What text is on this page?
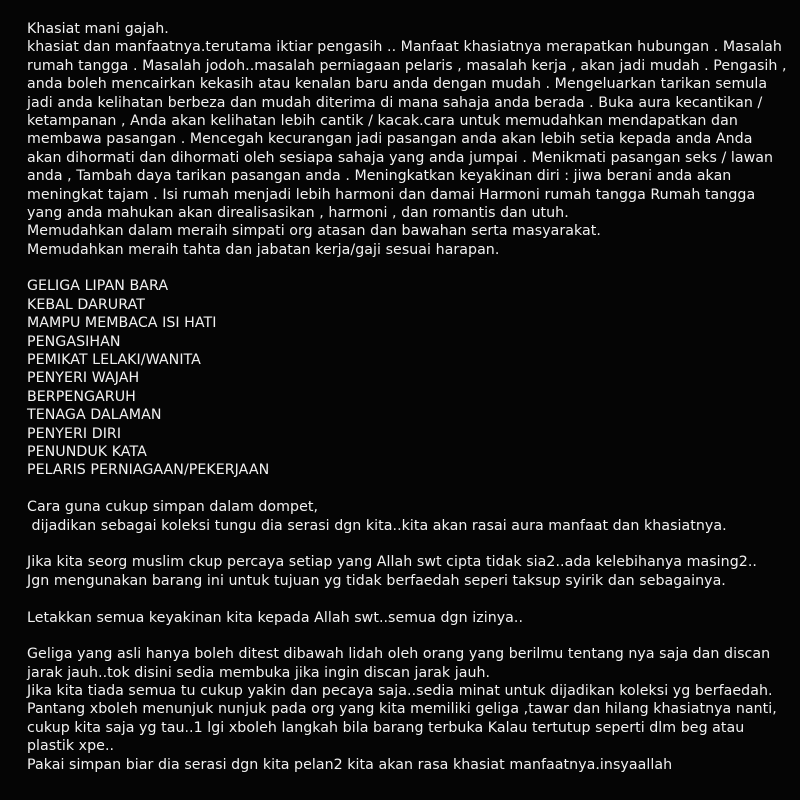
Khasiat mani gajah.
khasiat dan manfaatnya.terutama iktiar pengasih .. Manfaat khasiatnya merapatkan hubungan . Masalah
rumah tangga . Masalah jodoh..masalah perniagaan pelaris , masalah kerja , akan jadi mudah . Pengasih ,
anda boleh mencairkan kekasih atau kenalan baru anda dengan mudah . Mengeluarkan tarikan semula
jadi anda kelihatan berbeza dan mudah diterima di mana sahaja anda berada . Buka aura kecantikan /
ketampanan , Anda akan kelihatan lebih cantik / kacak.cara untuk memudahkan mendapatkan dan
membawa pasangan . Mencegah kecurangan jadi pasangan anda akan lebih setia kepada anda Anda
akan dihormati dan dihormati oleh sesiapa sahaja yang anda jumpai . Menikmati pasangan seks / lawan
anda , Tambah daya tarikan pasangan anda . Meningkatkan keyakinan diri : jiwa berani anda akan
meningkat tajam . Isi rumah menjadi lebih harmoni dan damai Harmoni rumah tangga Rumah tangga
yang anda mahukan akan direalisasikan , harmoni , dan romantis dan utuh.
Memudahkan dalam meraih simpati org atasan dan bawahan serta masyarakat.
Memudahkan meraih tahta dan jabatan kerja/gaji sesuai harapan.
GELIGA LIPAN BARA
KEBAL DARURAT
MAMPU MEMBACA ISI HATI
PENGASIHAN
PEMIKAT LELAKI/WANITA
PENYERI WAJAH
BERPENGARUH
TENAGA DALAMAN
PENYERI DIRI
PENUNDUK KATA
PELARIS PERNIAGAAN/PEKERJAAN
Cara guna cukup simpan dalam dompet,
dijadikan sebagai koleksi tungu dia serasi dgn kita..kita akan rasai aura manfaat dan khasiatnya.
Jika kita seorg muslim ckup percaya setiap yang Allah swt cipta tidak sia2..ada kelebihanya masing2..
Jgn mengunakan barang ini untuk tujuan yg tidak berfaedah seperi taksup syirik dan sebagainya.
Letakkan semua keyakinan kita kepada Allah swt..semua dgn izinya..
Geliga yang asli hanya boleh ditest dibawah lidah oleh orang yang berilmu tentang nya saja dan discan
jarak jauh..tok disini sedia membuka jika ingin discan jarak jauh.
Jika kita tiada semua tu cukup yakin dan pecaya saja..sedia minat untuk dijadikan koleksi yg berfaedah.
Pantang xboleh menunjuk nunjuk pada org yang kita memiliki geliga ,tawar dan hilang khasiatnya nanti,
cukup kita saja yg tau..1 lgi xboleh langkah bila barang terbuka Kalau tertutup seperti dlm beg atau
plastik xpe..
Pakai simpan biar dia serasi dgn kita pelan2 kita akan rasa khasiat manfaatnya.insyaallah
